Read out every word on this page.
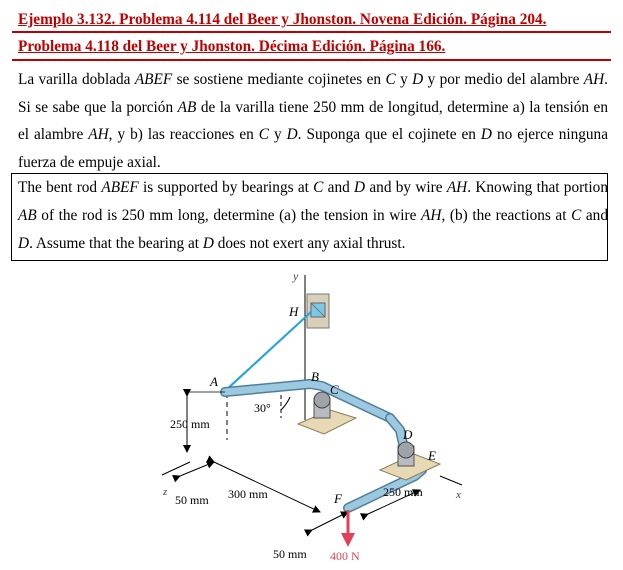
Ejemplo 3.132. Problema 4.114 del Beer y Jhonston. Novena Edición. Página 204.
Problema 4.118 del Beer y Jhonston. Décima Edición. Página 166.
La varilla doblada ABEF se sostiene mediante cojinetes en C y D y por medio del alambre AH. Si se sabe que la porción AB de la varilla tiene 250 mm de longitud, determine a) la tensión en el alambre AH, y b) las reacciones en C y D. Suponga que el cojinete en D no ejerce ninguna fuerza de empuje axial.
The bent rod ABEF is supported by bearings at C and D and by wire AH. Knowing that portion AB of the rod is 250 mm long, determine (a) the tension in wire AH, (b) the reactions at C and D. Assume that the bearing at D does not exert any axial thrust.
y
H
B
C
A
D
E
F
30°
250 mm
z
50 mm 300 mm	x
250 mm
50 mm 400 N
